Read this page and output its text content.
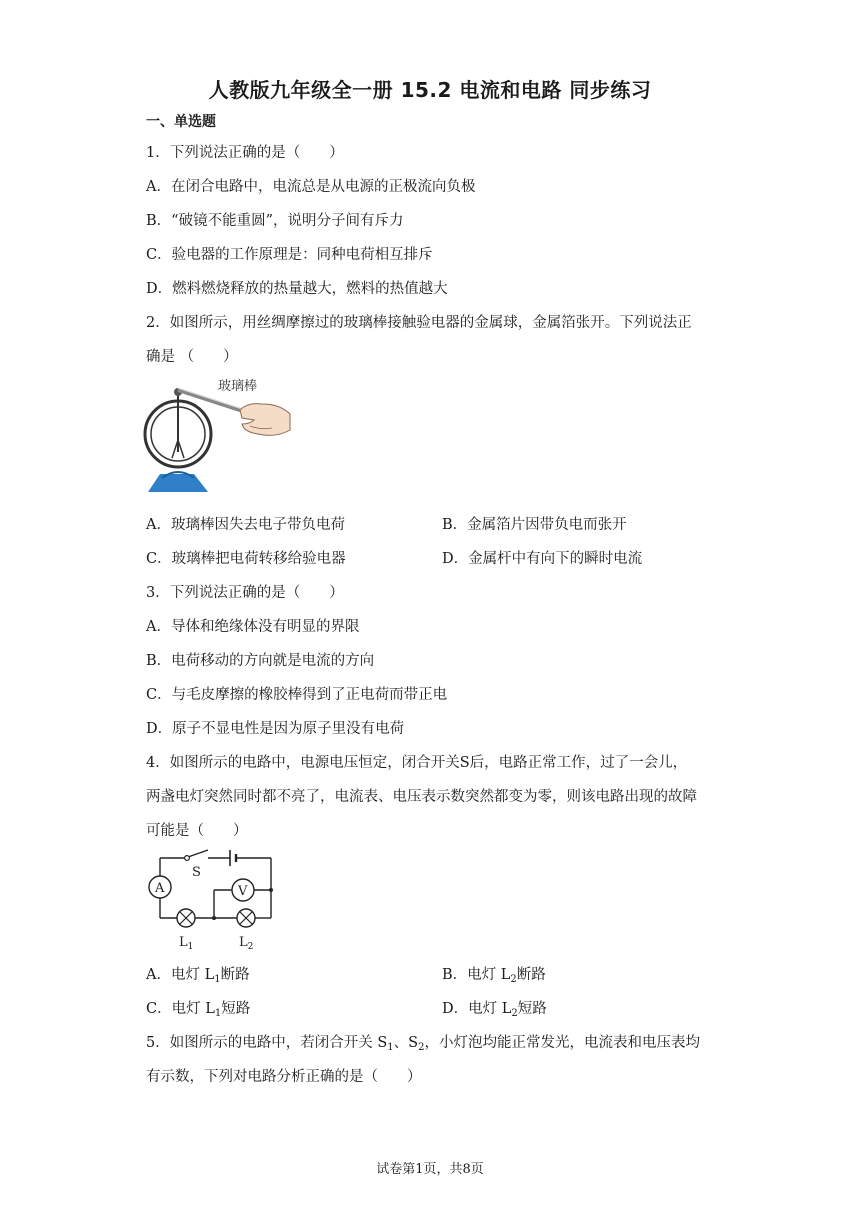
人教版九年级全一册 15.2 电流和电路 同步练习
一、单选题
1．下列说法正确的是（　　）
A．在闭合电路中，电流总是从电源的正极流向负极
B．“破镜不能重圆”，说明分子间有斥力
C．验电器的工作原理是：同种电荷相互排斥
D．燃料燃烧释放的热量越大，燃料的热值越大
2．如图所示，用丝绸摩擦过的玻璃棒接触验电器的金属球，金属箔张开。下列说法正
确是 （　　）
玻璃棒
A．玻璃棒因失去电子带负电荷	B．金属箔片因带负电而张开
C．玻璃棒把电荷转移给验电器	D．金属杆中有向下的瞬时电流
3．下列说法正确的是（　　）
A．导体和绝缘体没有明显的界限
B．电荷移动的方向就是电流的方向
C．与毛皮摩擦的橡胶棒得到了正电荷而带正电
D．原子不显电性是因为原子里没有电荷
4．如图所示的电路中，电源电压恒定，闭合开关S后，电路正常工作，过了一会儿，
两盏电灯突然同时都不亮了，电流表、电压表示数突然都变为零，则该电路出现的故障
可能是（　　）
A	V
S
$L_1$	$L_2$
A．电灯 $L_1$断路	B．电灯 $L_2$断路
C．电灯 $L_1$短路	D．电灯 $L_2$短路
5．如图所示的电路中，若闭合开关 $S_1$、$S_2$，小灯泡均能正常发光，电流表和电压表均
有示数，下列对电路分析正确的是（　　）
试卷第1页，共8页
